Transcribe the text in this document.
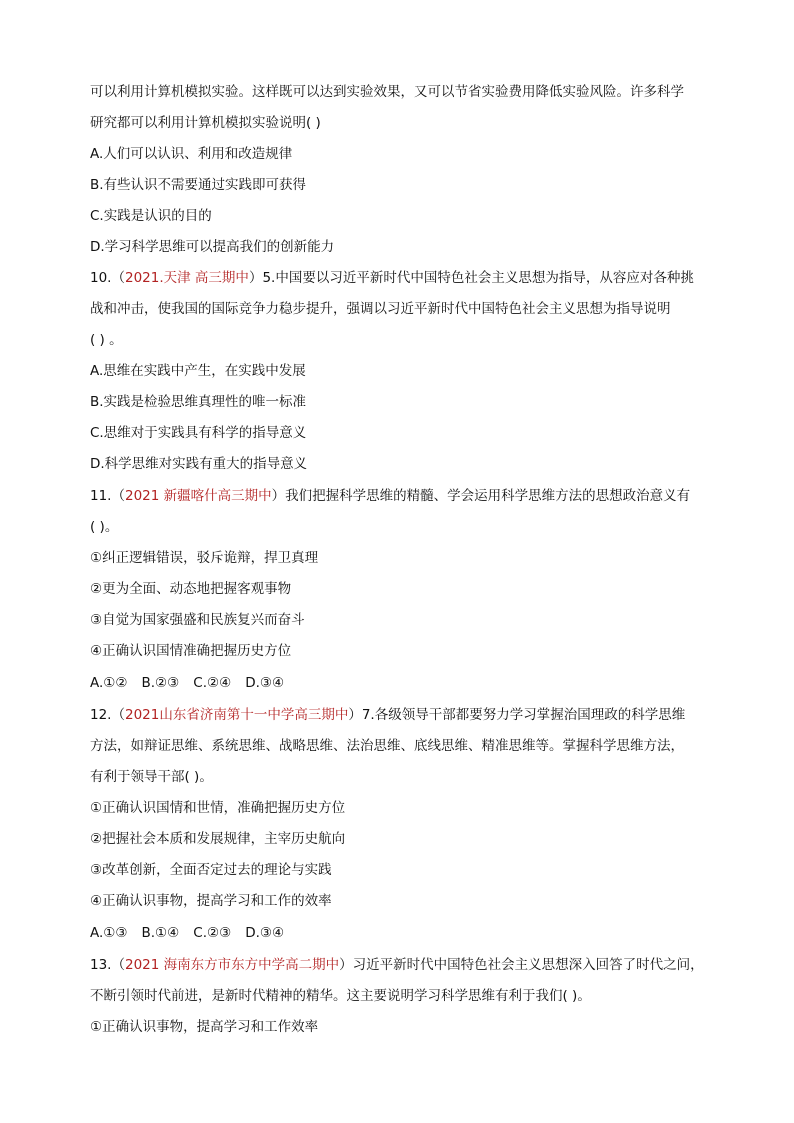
可以利用计算机模拟实验。这样既可以达到实验效果，又可以节省实验费用降低实验风险。许多科学
研究都可以利用计算机模拟实验说明( )
A.人们可以认识、利用和改造规律
B.有些认识不需要通过实践即可获得
C.实践是认识的目的
D.学习科学思维可以提高我们的创新能力
10.（2021.天津 高三期中）5.中国要以习近平新时代中国特色社会主义思想为指导，从容应对各种挑
战和冲击，使我国的国际竞争力稳步提升，强调以习近平新时代中国特色社会主义思想为指导说明
( ) 。
A.思维在实践中产生，在实践中发展
B.实践是检验思维真理性的唯一标准
C.思维对于实践具有科学的指导意义
D.科学思维对实践有重大的指导意义
11.（2021 新疆喀什高三期中）我们把握科学思维的精髓、学会运用科学思维方法的思想政治意义有
( )。
①纠正逻辑错误，驳斥诡辩，捍卫真理
②更为全面、动态地把握客观事物
③自觉为国家强盛和民族复兴而奋斗
④正确认识国情准确把握历史方位
A.①② B.②③ C.②④ D.③④
12.（2021山东省济南第十一中学高三期中）7.各级领导干部都要努力学习掌握治国理政的科学思维
方法，如辩证思维、系统思维、战略思维、法治思维、底线思维、精准思维等。掌握科学思维方法，
有利于领导干部( )。
①正确认识国情和世情，准确把握历史方位
②把握社会本质和发展规律，主宰历史航向
③改革创新，全面否定过去的理论与实践
④正确认识事物，提高学习和工作的效率
A.①③ B.①④ C.②③ D.③④
13.（2021 海南东方市东方中学高二期中）习近平新时代中国特色社会主义思想深入回答了时代之问，
不断引领时代前进，是新时代精神的精华。这主要说明学习科学思维有利于我们( )。
①正确认识事物，提高学习和工作效率
